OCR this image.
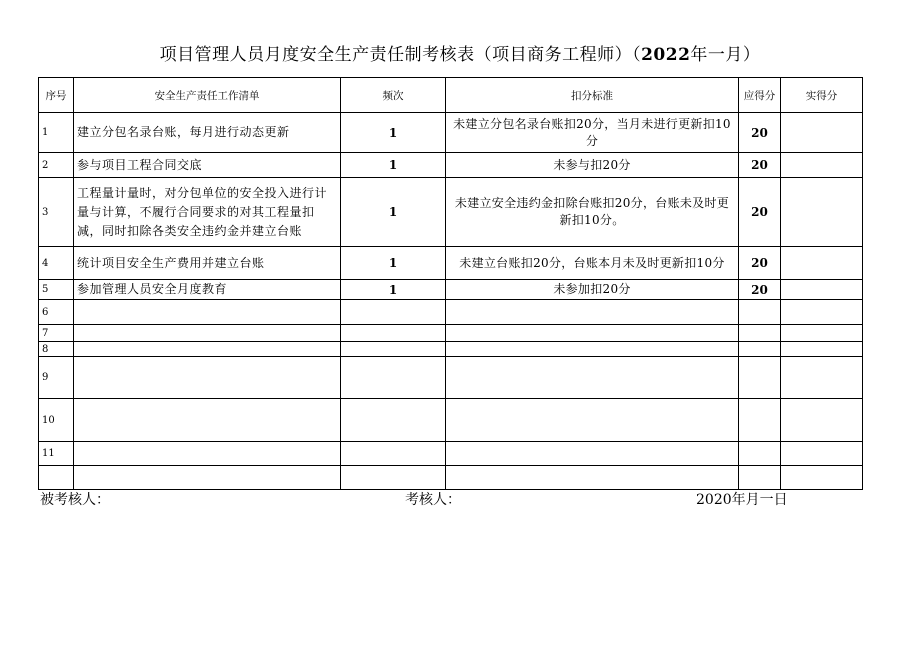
项目管理人员月度安全生产责任制考核表（项目商务工程师）（2022年一月）
序号	安全生产责任工作清单	频次	扣分标准	应得分	实得分
1	建立分包名录台账，每月进行动态更新	1	未建立分包名录台账扣20分，当月未进行更新扣10分	20	
2	参与项目工程合同交底	1	未参与扣20分	20	
3	工程量计量时，对分包单位的安全投入进行计量与计算，不履行合同要求的对其工程量扣减，同时扣除各类安全违约金并建立台账	1	未建立安全违约金扣除台账扣20分，台账未及时更新扣10分。	20	
4	统计项目安全生产费用并建立台账	1	未建立台账扣20分，台账本月未及时更新扣10分	20	
5	参加管理人员安全月度教育	1	未参加扣20分	20	
6					
7					
8					
9					
10					
11					

被考核人：	考核人：	2020年月一日
